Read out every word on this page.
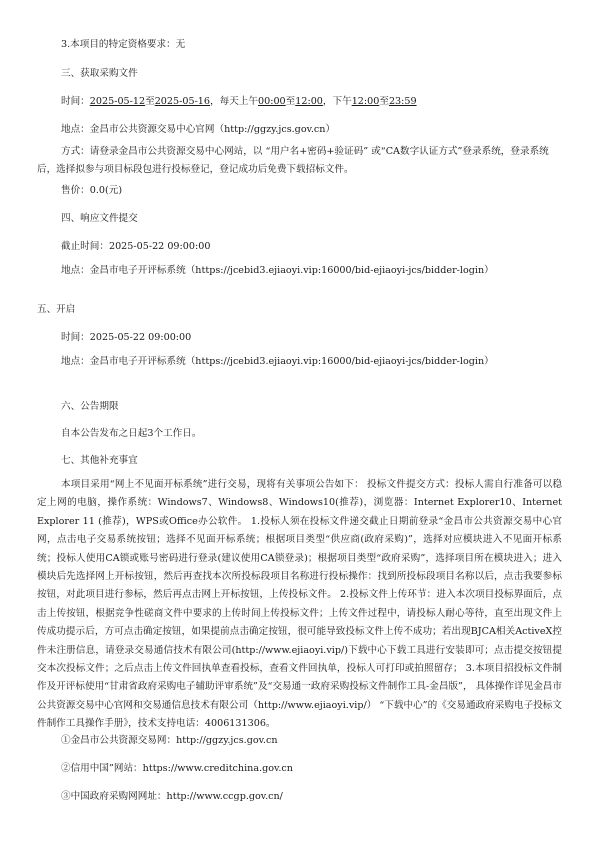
3.本项目的特定资格要求：无
三、获取采购文件
时间：2025-05-12至2025-05-16，每天上午00:00至12:00，下午12:00至23:59
地点：金昌市公共资源交易中心官网（http://ggzy.jcs.gov.cn）
方式：请登录金昌市公共资源交易中心网站，以 “用户名+密码+验证码” 或“CA数字认证方式”登录系统，登录系统后，选择拟参与项目标段包进行投标登记，登记成功后免费下载招标文件。
售价：0.0(元)
四、响应文件提交
截止时间：2025-05-22 09:00:00
地点：金昌市电子开评标系统（https://jcebid3.ejiaoyi.vip:16000/bid-ejiaoyi-jcs/bidder-login）
五、开启
时间：2025-05-22 09:00:00
地点：金昌市电子开评标系统（https://jcebid3.ejiaoyi.vip:16000/bid-ejiaoyi-jcs/bidder-login）
六、公告期限
自本公告发布之日起3个工作日。
七、其他补充事宜
本项目采用“网上不见面开标系统”进行交易，现将有关事项公告如下： 投标文件提交方式：投标人需自行准备可以稳定上网的电脑，操作系统：Windows7、Windows8、Windows10(推荐)，浏览器：Internet Explorer10、Internet Explorer 11 (推荐)，WPS或Office办公软件。 1.投标人须在投标文件递交截止日期前登录“金昌市公共资源交易中心官网，点击电子交易系统按钮；选择不见面开标系统；根据项目类型“供应商(政府采购)”，选择对应模块进入不见面开标系统；投标人使用CA锁或账号密码进行登录(建议使用CA锁登录)；根据项目类型“政府采购”，选择项目所在模块进入；进入模块后先选择网上开标按钮，然后再查找本次所投标段项目名称进行投标操作：找到所投标段项目名称以后，点击我要参标按钮，对此项目进行参标，然后再点击网上开标按钮，上传投标文件。 2.投标文件上传环节：进入本次项目投标界面后，点击上传按钮，根据竞争性磋商文件中要求的上传时间上传投标文件；上传文件过程中，请投标人耐心等待，直至出现文件上传成功提示后，方可点击确定按钮，如果提前点击确定按钮，很可能导致投标文件上传不成功；若出现BJCA相关ActiveX控件未注册信息，请登录交易通信技术有限公司(http://www.ejiaoyi.vip/)下载中心下载工具进行安装即可；点击提交按钮提交本次投标文件；之后点击上传文件回执单查看投标，查看文件回执单，投标人可打印或拍照留存； 3.本项目招投标文件制作及开评标使用“甘肃省政府采购电子辅助评审系统”及“交易通一政府采购投标文件制作工具-金昌版”， 具体操作详见金昌市公共资源交易中心官网和交易通信息技术有限公司（http://www.ejiaoyi.vip/） “下载中心”的《交易通政府采购电子投标文件制作工具操作手册》，技术支持电话：4006131306。
①金昌市公共资源交易网：http://ggzy.jcs.gov.cn
②信用中国”网站：https://www.creditchina.gov.cn
③中国政府采购网网址：http://www.ccgp.gov.cn/
